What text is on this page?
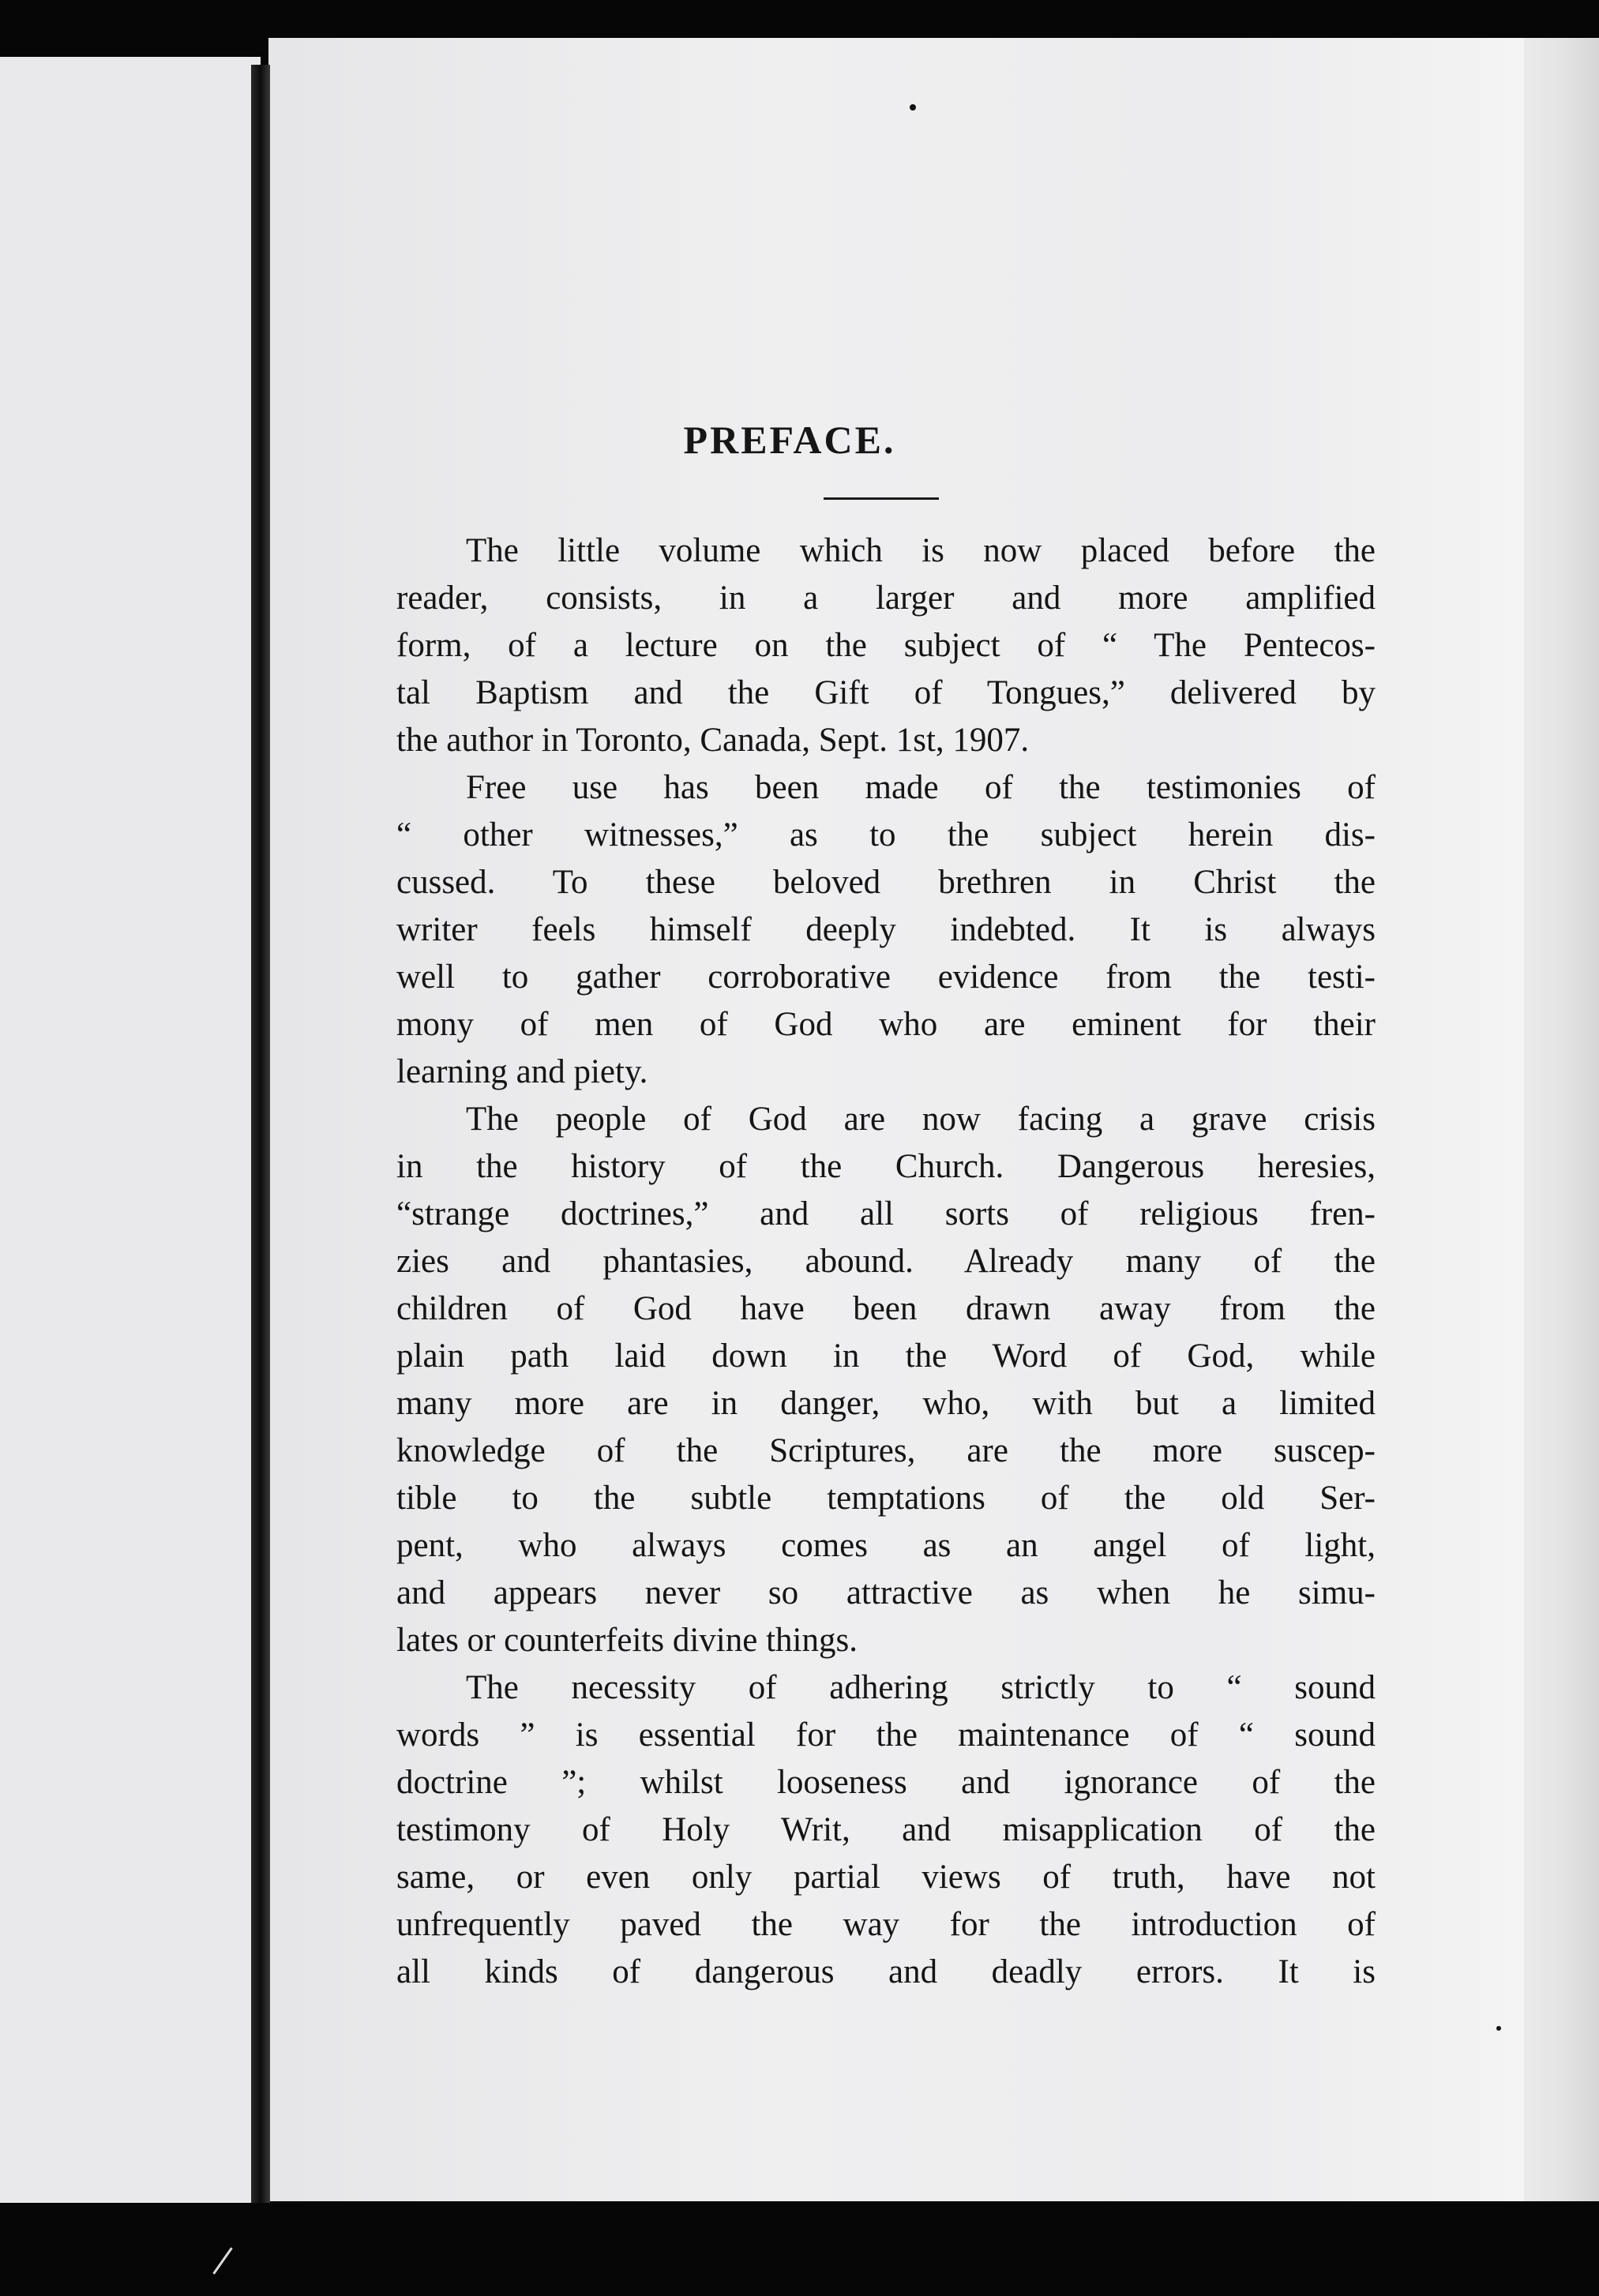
PREFACE.
The little volume which is now placed before the
reader, consists, in a larger and more amplified
form, of a lecture on the subject of “ The Pentecos-
tal Baptism and the Gift of Tongues,” delivered by
the author in Toronto, Canada, Sept. 1st, 1907.
Free use has been made of the testimonies of
“ other witnesses,” as to the subject herein dis-
cussed. To these beloved brethren in Christ the
writer feels himself deeply indebted. It is always
well to gather corroborative evidence from the testi-
mony of men of God who are eminent for their
learning and piety.
The people of God are now facing a grave crisis
in the history of the Church. Dangerous heresies,
“strange doctrines,” and all sorts of religious fren-
zies and phantasies, abound. Already many of the
children of God have been drawn away from the
plain path laid down in the Word of God, while
many more are in danger, who, with but a limited
knowledge of the Scriptures, are the more suscep-
tible to the subtle temptations of the old Ser-
pent, who always comes as an angel of light,
and appears never so attractive as when he simu-
lates or counterfeits divine things.
The necessity of adhering strictly to “ sound
words ” is essential for the maintenance of “ sound
doctrine ”; whilst looseness and ignorance of the
testimony of Holy Writ, and misapplication of the
same, or even only partial views of truth, have not
unfrequently paved the way for the introduction of
all kinds of dangerous and deadly errors. It is
